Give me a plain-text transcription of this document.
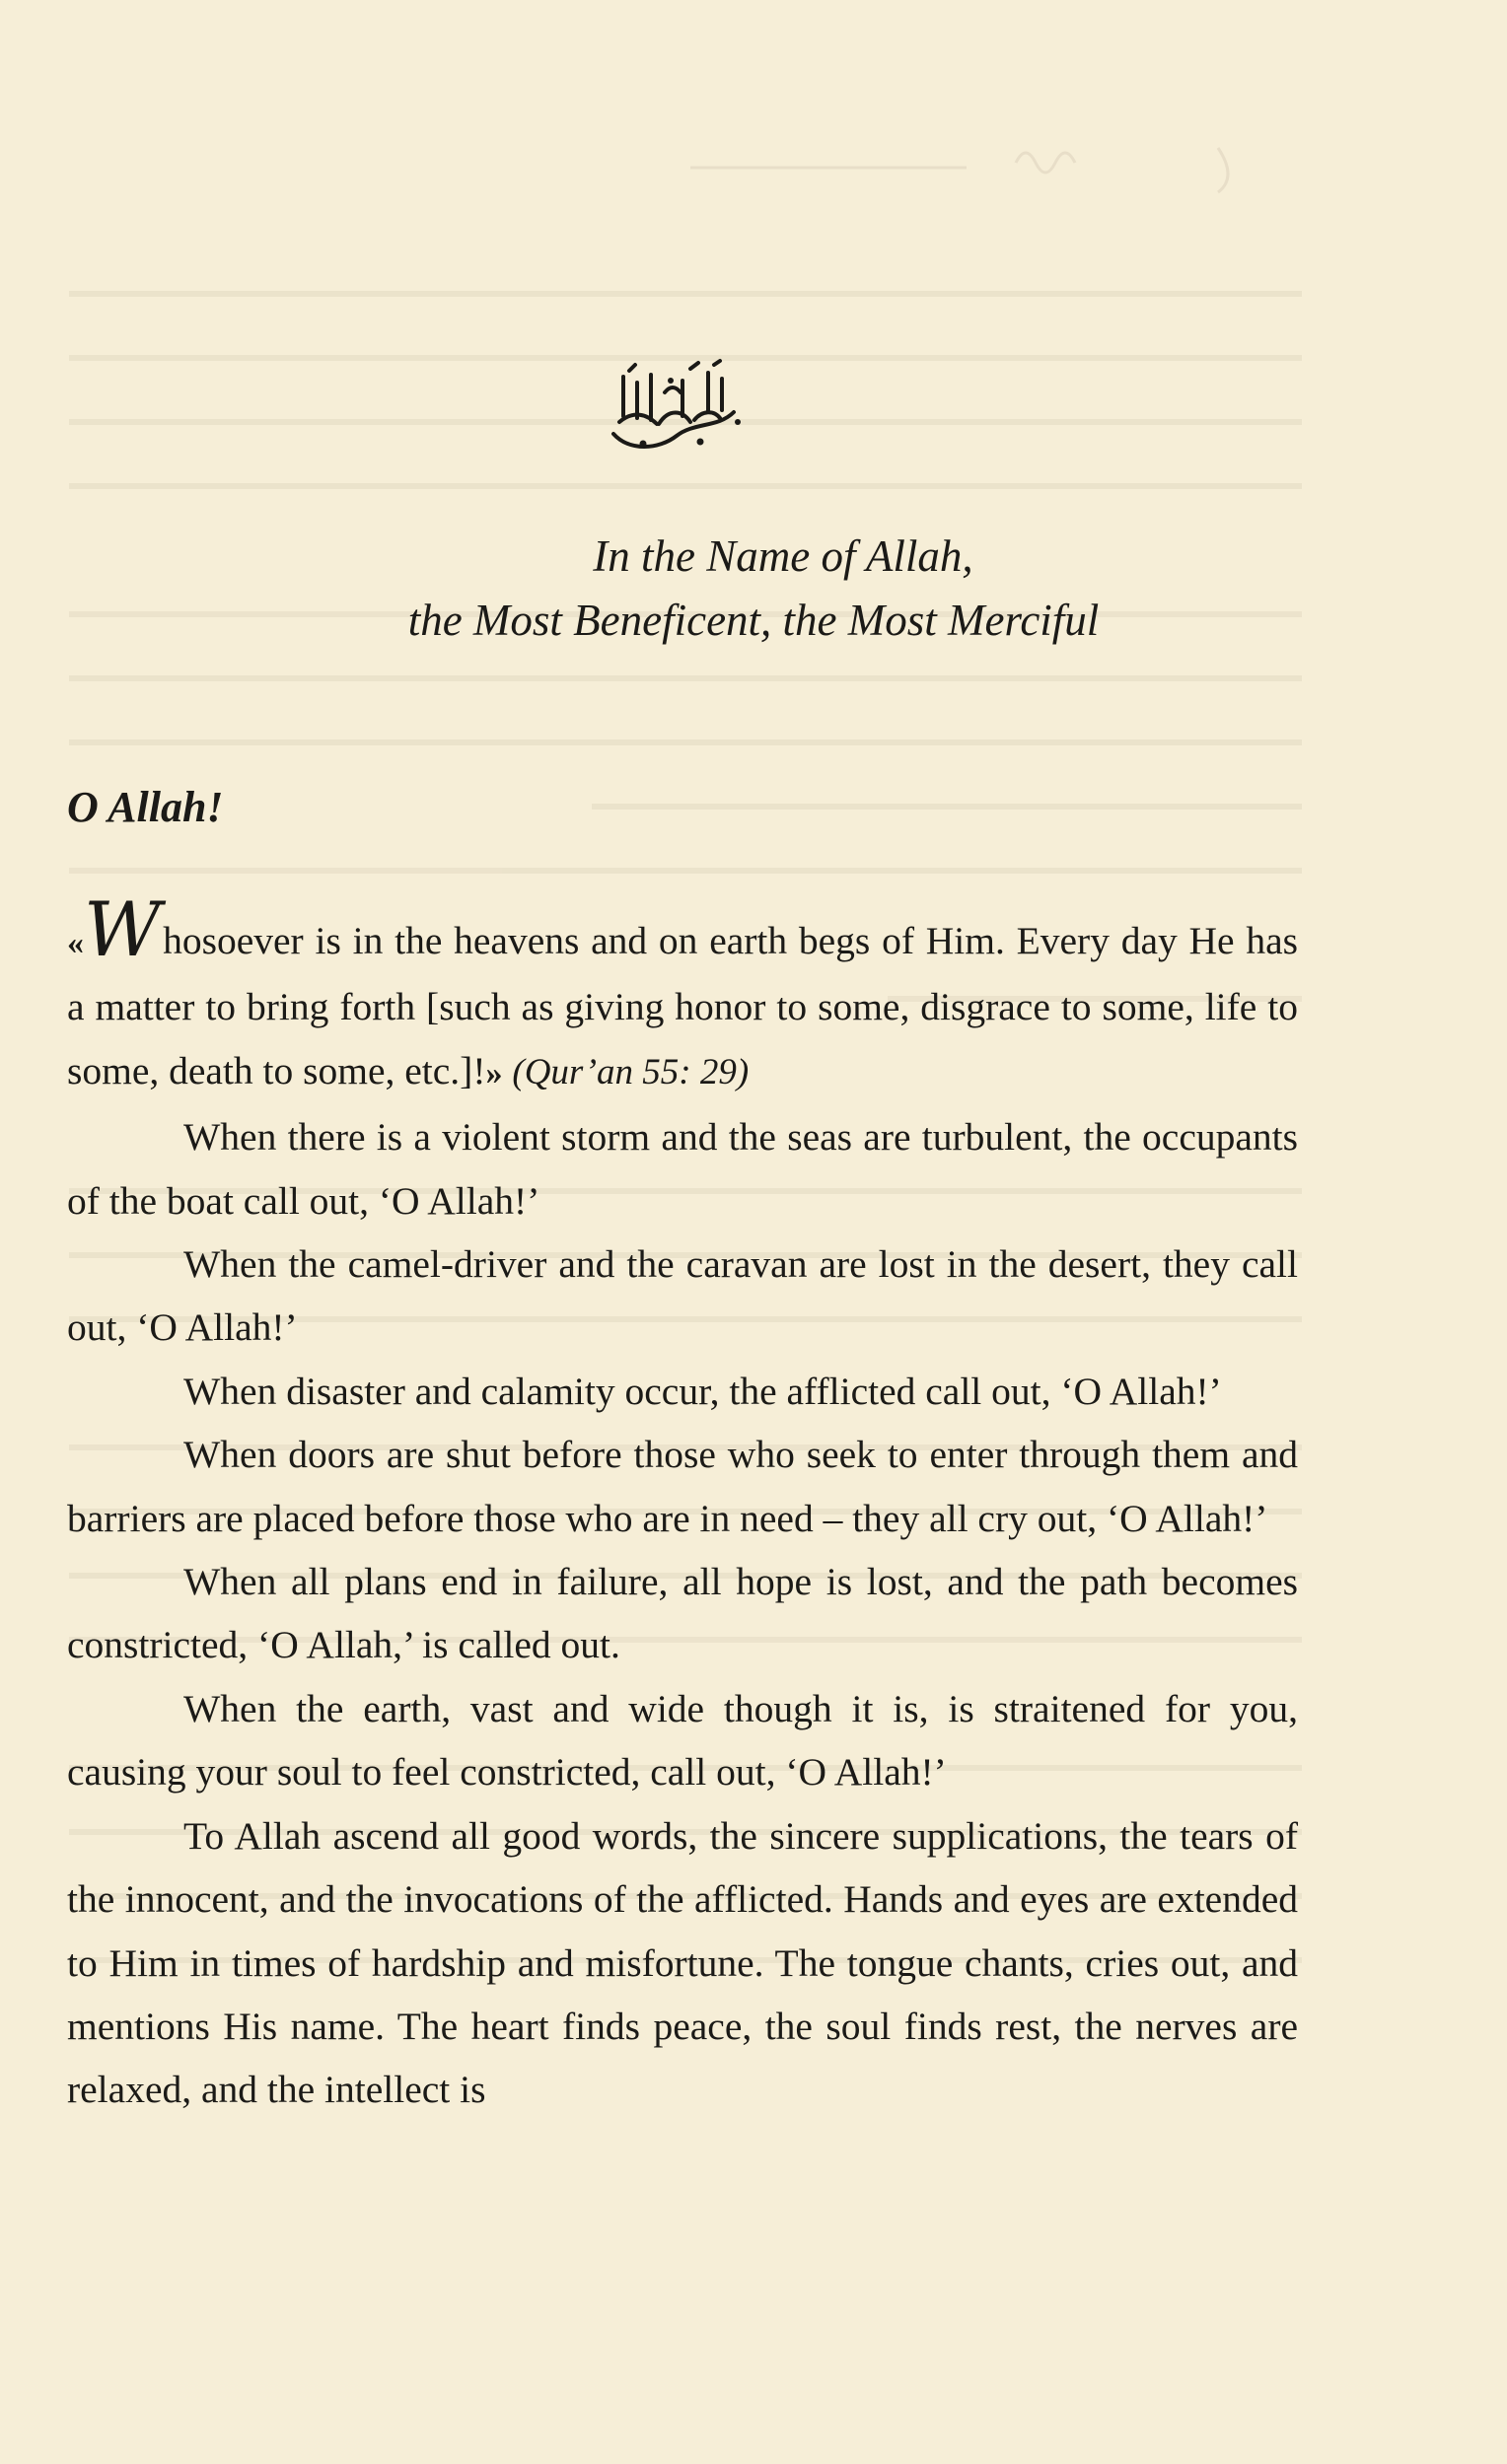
In the Name of Allah,
the Most Beneficent, the Most Merciful
O Allah!

«Whosoever is in the heavens and on earth begs of Him. Every day He has a matter to bring forth [such as giving honor to some, disgrace to some, life to some, death to some, etc.]!» (Qur’an 55: 29)

When there is a violent storm and the seas are turbulent, the occupants of the boat call out, ‘O Allah!’

When the camel-driver and the caravan are lost in the desert, they call out, ‘O Allah!’

When disaster and calamity occur, the afflicted call out, ‘O Allah!’

When doors are shut before those who seek to enter through them and barriers are placed before those who are in need – they all cry out, ‘O Allah!’

When all plans end in failure, all hope is lost, and the path becomes constricted, ‘O Allah,’ is called out.

When the earth, vast and wide though it is, is straitened for you, causing your soul to feel constricted, call out, ‘O Allah!’

To Allah ascend all good words, the sincere supplications, the tears of the innocent, and the invocations of the afflicted. Hands and eyes are extended to Him in times of hardship and misfortune. The tongue chants, cries out, and mentions His name. The heart finds peace, the soul finds rest, the nerves are relaxed, and the intellect is
